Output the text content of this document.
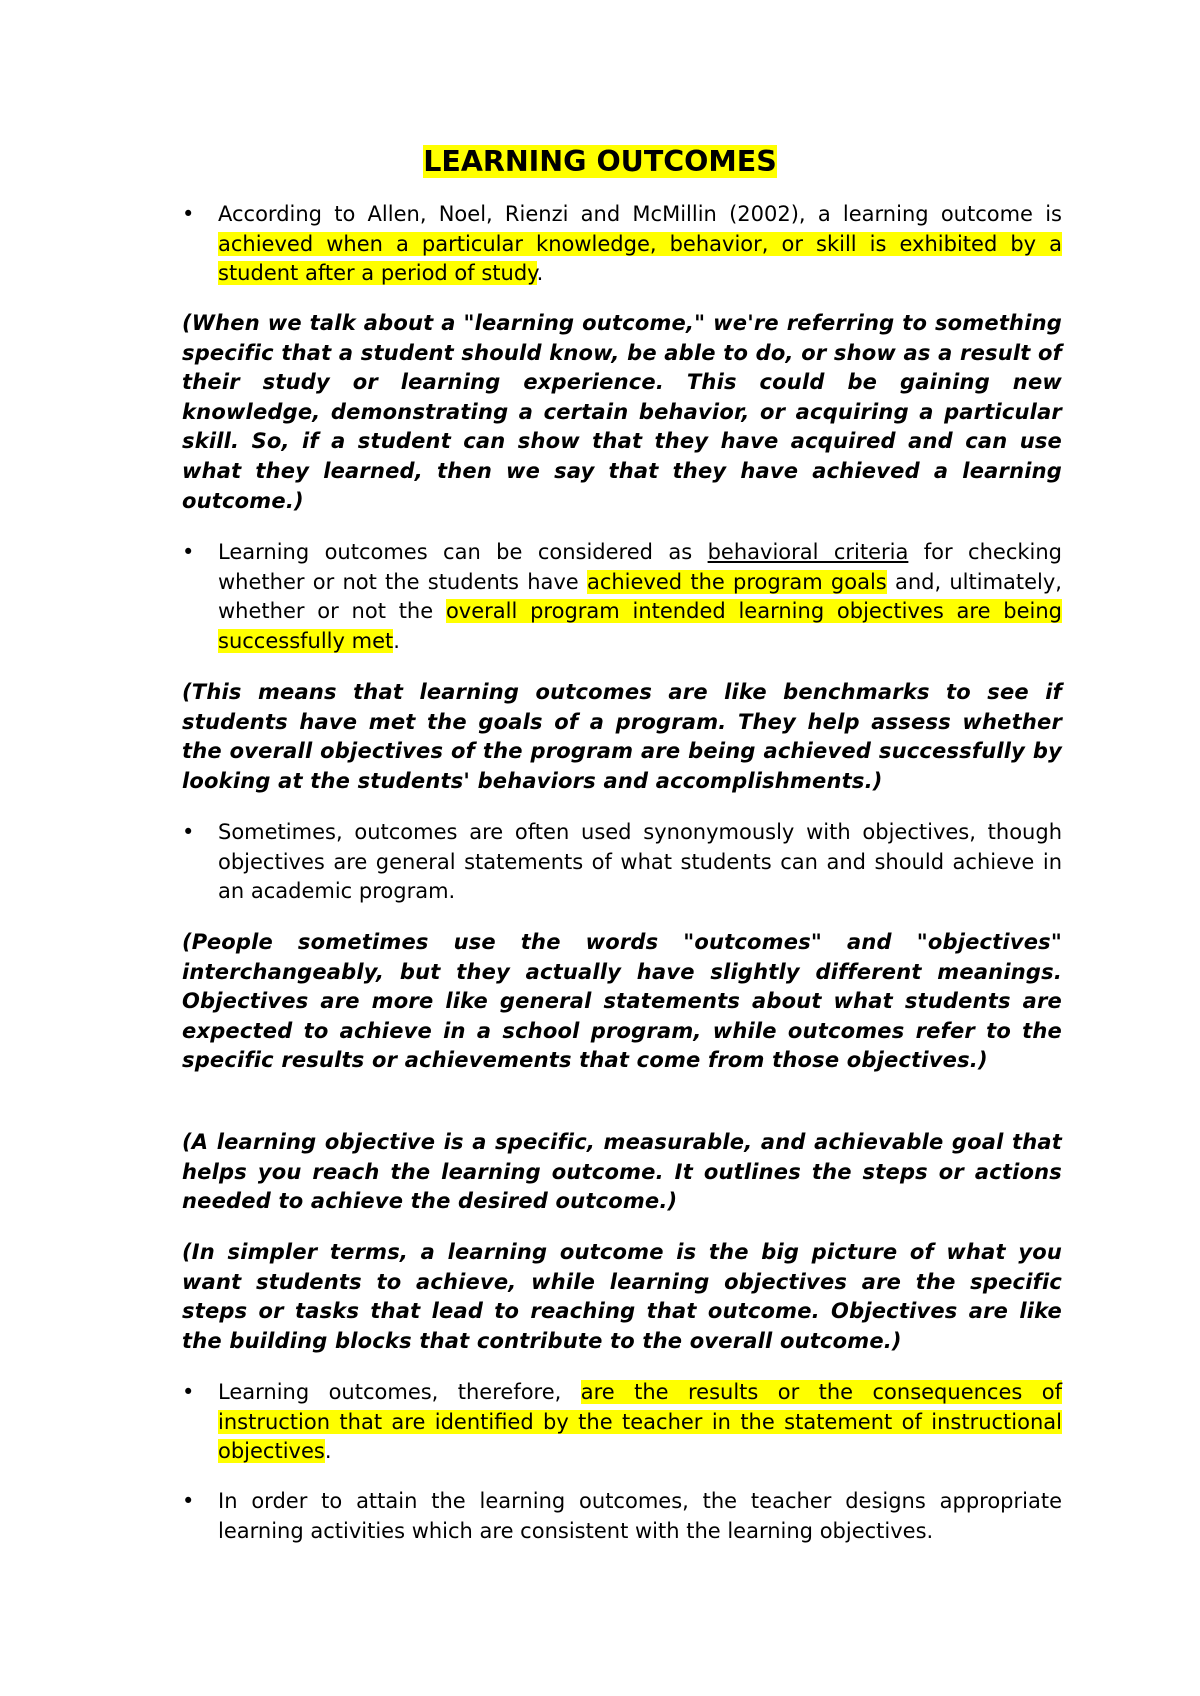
LEARNING OUTCOMES

•	According to Allen, Noel, Rienzi and McMillin (2002), a learning outcome is achieved when a particular knowledge, behavior, or skill is exhibited by a student after a period of study.

(When we talk about a "learning outcome," we're referring to something specific that a student should know, be able to do, or show as a result of their study or learning experience. This could be gaining new knowledge, demonstrating a certain behavior, or acquiring a particular skill. So, if a student can show that they have acquired and can use what they learned, then we say that they have achieved a learning outcome.)

•	Learning outcomes can be considered as behavioral criteria for checking whether or not the students have achieved the program goals and, ultimately, whether or not the overall program intended learning objectives are being successfully met.

(This means that learning outcomes are like benchmarks to see if students have met the goals of a program. They help assess whether the overall objectives of the program are being achieved successfully by looking at the students' behaviors and accomplishments.)

•	Sometimes, outcomes are often used synonymously with objectives, though objectives are general statements of what students can and should achieve in an academic program.

(People sometimes use the words "outcomes" and "objectives" interchangeably, but they actually have slightly different meanings. Objectives are more like general statements about what students are expected to achieve in a school program, while outcomes refer to the specific results or achievements that come from those objectives.)

(A learning objective is a specific, measurable, and achievable goal that helps you reach the learning outcome. It outlines the steps or actions needed to achieve the desired outcome.)

(In simpler terms, a learning outcome is the big picture of what you want students to achieve, while learning objectives are the specific steps or tasks that lead to reaching that outcome. Objectives are like the building blocks that contribute to the overall outcome.)

•	Learning outcomes, therefore, are the results or the consequences of instruction that are identified by the teacher in the statement of instructional objectives.

•	In order to attain the learning outcomes, the teacher designs appropriate learning activities which are consistent with the learning objectives.
